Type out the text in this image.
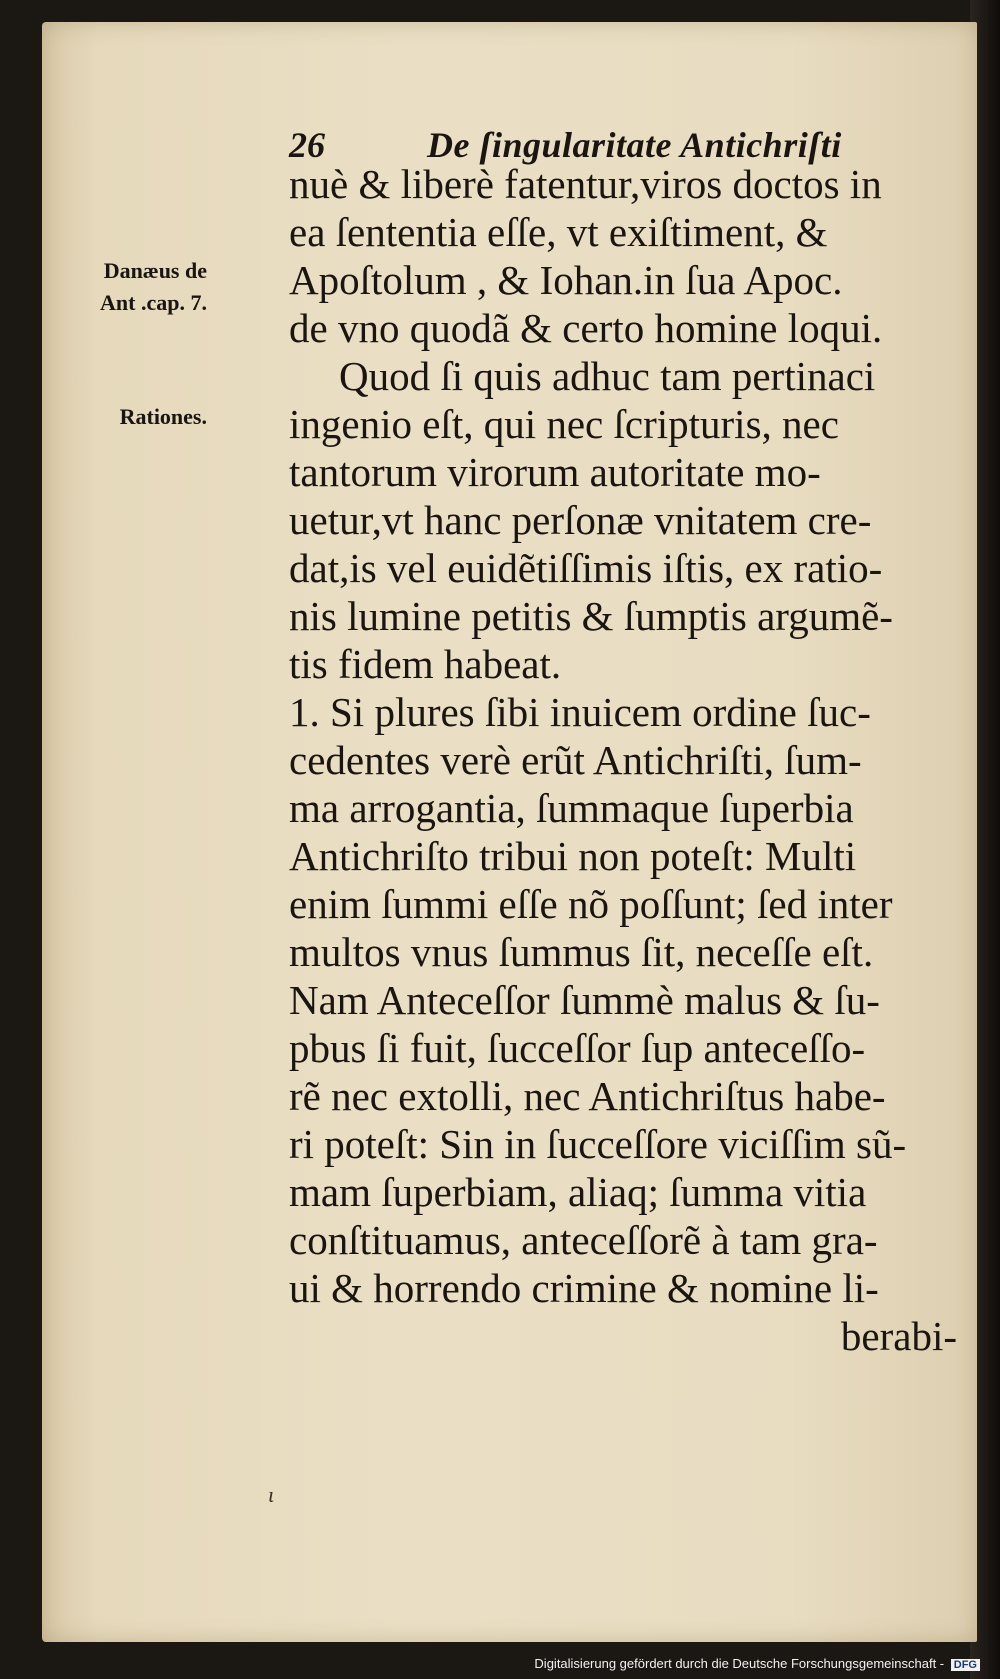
26	De ſingularitate Antichriſti
Danæus de
Ant .cap. 7.
Rationes.
nuè & liberè fatentur,viros doctos in
ea ſententia eſſe, vt exiſtiment, &
Apoſtolum , & Iohan.in ſua Apoc.
de vno quodã & certo homine loqui.
Quod ſi quis adhuc tam pertinaci
ingenio eſt, qui nec ſcripturis, nec
tantorum virorum autoritate mo-
uetur,vt hanc perſonæ vnitatem cre-
dat,is vel euidẽtiſſimis iſtis, ex ratio-
nis lumine petitis & ſumptis argumẽ-
tis fidem habeat.
1. Si plures ſibi inuicem ordine ſuc-
cedentes verè erũt Antichriſti, ſum-
ma arrogantia, ſummaque ſuperbia
Antichriſto tribui non poteſt: Multi
enim ſummi eſſe nõ poſſunt; ſed inter
multos vnus ſummus ſit, neceſſe eſt.
Nam Anteceſſor ſummè malus & ſu-
pbus ſi fuit, ſucceſſor ſup anteceſſo-
rẽ nec extolli, nec Antichriſtus habe-
ri poteſt: Sin in ſucceſſore viciſſim sũ-
mam ſuperbiam, aliaq; ſumma vitia
conſtituamus, anteceſſorẽ à tam gra-
ui & horrendo crimine & nomine li-
berabi-
ɩ
Digitalisierung gefördert durch die Deutsche Forschungsgemeinschaft - DFG
